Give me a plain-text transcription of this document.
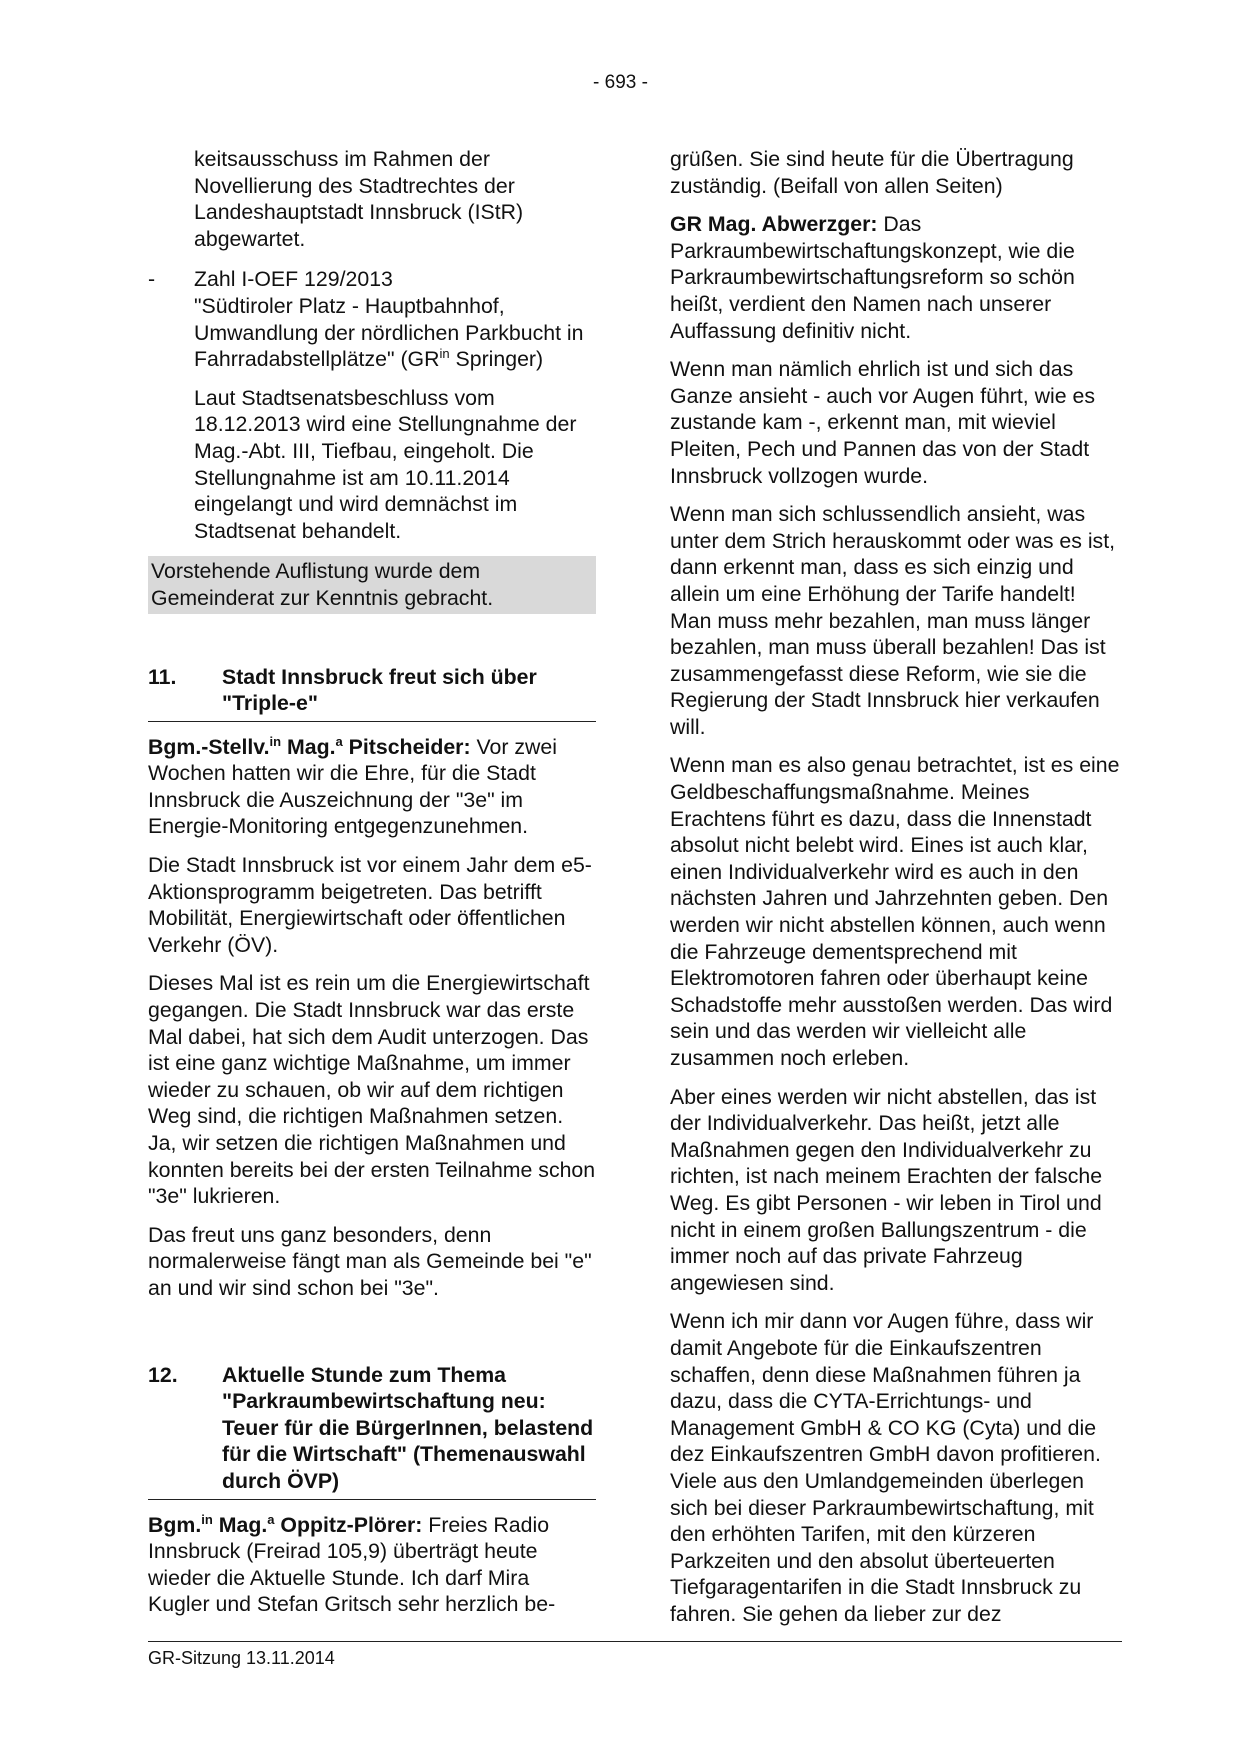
- 693 -

keitsausschuss im Rahmen der Novellierung des Stadtrechtes der Landeshauptstadt Innsbruck (IStR) abgewartet.

- Zahl I-OEF 129/2013
"Südtiroler Platz - Hauptbahnhof, Umwandlung der nördlichen Parkbucht in Fahrradabstellplätze" ($GR^{in}$ Springer)

Laut Stadtsenatsbeschluss vom 18.12.2013 wird eine Stellungnahme der Mag.-Abt. III, Tiefbau, eingeholt. Die Stellungnahme ist am 10.11.2014 eingelangt und wird demnächst im Stadtsenat behandelt.

Vorstehende Auflistung wurde dem Gemeinderat zur Kenntnis gebracht.
11. Stadt Innsbruck freut sich über "Triple-e"

Bgm.-Stellv.$^{in}$ Mag.$^a$ Pitscheider: Vor zwei Wochen hatten wir die Ehre, für die Stadt Innsbruck die Auszeichnung der "3e" im Energie-Monitoring entgegenzunehmen.

Die Stadt Innsbruck ist vor einem Jahr dem e5-Aktionsprogramm beigetreten. Das betrifft Mobilität, Energiewirtschaft oder öffentlichen Verkehr (ÖV).

Dieses Mal ist es rein um die Energiewirtschaft gegangen. Die Stadt Innsbruck war das erste Mal dabei, hat sich dem Audit unterzogen. Das ist eine ganz wichtige Maßnahme, um immer wieder zu schauen, ob wir auf dem richtigen Weg sind, die richtigen Maßnahmen setzen. Ja, wir setzen die richtigen Maßnahmen und konnten bereits bei der ersten Teilnahme schon "3e" lukrieren.

Das freut uns ganz besonders, denn normalerweise fängt man als Gemeinde bei "e" an und wir sind schon bei "3e".

12. Aktuelle Stunde zum Thema "Parkraumbewirtschaftung neu: Teuer für die BürgerInnen, belastend für die Wirtschaft" (Themenauswahl durch ÖVP)

Bgm.$^{in}$ Mag.$^a$ Oppitz-Plörer: Freies Radio Innsbruck (Freirad 105,9) überträgt heute wieder die Aktuelle Stunde. Ich darf Mira Kugler und Stefan Gritsch sehr herzlich be-

grüßen. Sie sind heute für die Übertragung zuständig. (Beifall von allen Seiten)

GR Mag. Abwerzger: Das Parkraumbewirtschaftungskonzept, wie die Parkraumbewirtschaftungsreform so schön heißt, verdient den Namen nach unserer Auffassung definitiv nicht.

Wenn man nämlich ehrlich ist und sich das Ganze ansieht - auch vor Augen führt, wie es zustande kam -, erkennt man, mit wieviel Pleiten, Pech und Pannen das von der Stadt Innsbruck vollzogen wurde.

Wenn man sich schlussendlich ansieht, was unter dem Strich herauskommt oder was es ist, dann erkennt man, dass es sich einzig und allein um eine Erhöhung der Tarife handelt! Man muss mehr bezahlen, man muss länger bezahlen, man muss überall bezahlen! Das ist zusammengefasst diese Reform, wie sie die Regierung der Stadt Innsbruck hier verkaufen will.

Wenn man es also genau betrachtet, ist es eine Geldbeschaffungsmaßnahme. Meines Erachtens führt es dazu, dass die Innenstadt absolut nicht belebt wird. Eines ist auch klar, einen Individualverkehr wird es auch in den nächsten Jahren und Jahrzehnten geben. Den werden wir nicht abstellen können, auch wenn die Fahrzeuge dementsprechend mit Elektromotoren fahren oder überhaupt keine Schadstoffe mehr ausstoßen werden. Das wird sein und das werden wir vielleicht alle zusammen noch erleben.

Aber eines werden wir nicht abstellen, das ist der Individualverkehr. Das heißt, jetzt alle Maßnahmen gegen den Individualverkehr zu richten, ist nach meinem Erachten der falsche Weg. Es gibt Personen - wir leben in Tirol und nicht in einem großen Ballungszentrum - die immer noch auf das private Fahrzeug angewiesen sind.

Wenn ich mir dann vor Augen führe, dass wir damit Angebote für die Einkaufszentren schaffen, denn diese Maßnahmen führen ja dazu, dass die CYTA-Errichtungs- und Management GmbH & CO KG (Cyta) und die dez Einkaufszentren GmbH davon profitieren. Viele aus den Umlandgemeinden überlegen sich bei dieser Parkraumbewirtschaftung, mit den erhöhten Tarifen, mit den kürzeren Parkzeiten und den absolut überteuerten Tiefgaragentarifen in die Stadt Innsbruck zu fahren. Sie gehen da lieber zur dez

GR-Sitzung 13.11.2014
